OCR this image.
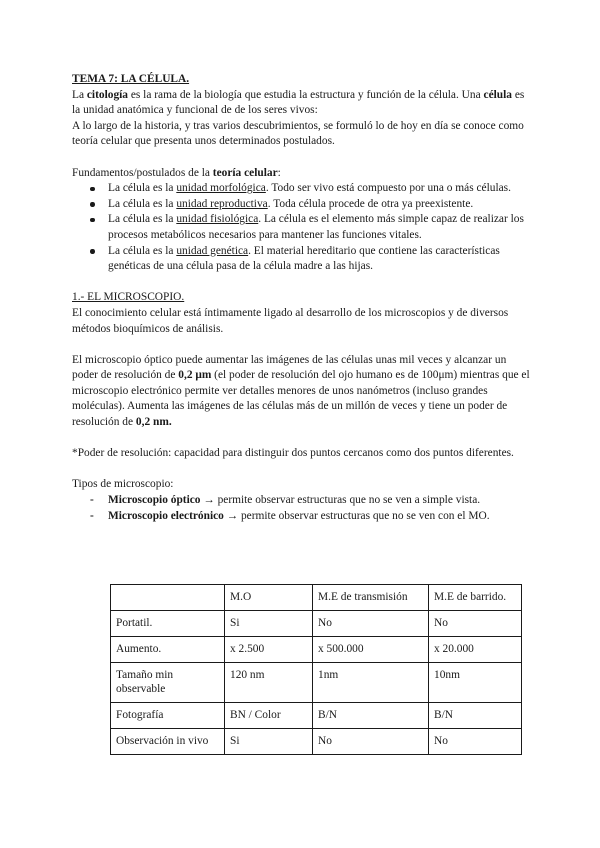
TEMA 7: LA CÉLULA.

La citología es la rama de la biología que estudia la estructura y función de la célula. Una célula es la unidad anatómica y funcional de de los seres vivos:

A lo largo de la historia, y tras varios descubrimientos, se formuló lo de hoy en día se conoce como teoría celular que presenta unos determinados postulados.

Fundamentos/postulados de la teoría celular:

La célula es la unidad morfológica. Todo ser vivo está compuesto por una o más células.
La célula es la unidad reproductiva. Toda célula procede de otra ya preexistente.
La célula es la unidad fisiológica. La célula es el elemento más simple capaz de realizar los procesos metabólicos necesarios para mantener las funciones vitales.
La célula es la unidad genética. El material hereditario que contiene las características genéticas de una célula pasa de la célula madre a las hijas.

1.- EL MICROSCOPIO.

El conocimiento celular está íntimamente ligado al desarrollo de los microscopios y de diversos métodos bioquímicos de análisis.

El microscopio óptico puede aumentar las imágenes de las células unas mil veces y alcanzar un poder de resolución de 0,2 μm (el poder de resolución del ojo humano es de 100μm) mientras que el microscopio electrónico permite ver detalles menores de unos nanómetros (incluso grandes moléculas). Aumenta las imágenes de las células más de un millón de veces y tiene un poder de resolución de 0,2 nm.

*Poder de resolución: capacidad para distinguir dos puntos cercanos como dos puntos diferentes.

Tipos de microscopio:

- Microscopio óptico → permite observar estructuras que no se ven a simple vista.
- Microscopio electrónico → permite observar estructuras que no se ven con el MO.
	M.O	M.E de transmisión	M.E de barrido.
Portatil.	Si	No	No
Aumento.	x 2.500	x 500.000	x 20.000
Tamaño min observable	120 nm	1nm	10nm
Fotografía	BN / Color	B/N	B/N
Observación in vivo	Si	No	No
